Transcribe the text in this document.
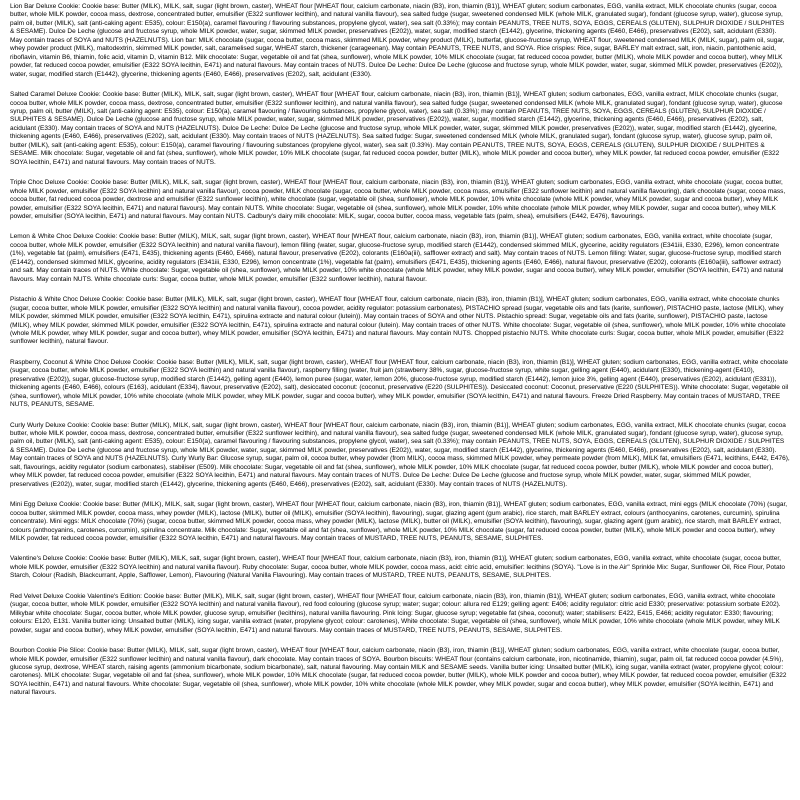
Lion Bar Deluxe Cookie: Cookie base: Butter (MILK), MILK, salt, sugar (light brown, caster), WHEAT flour [WHEAT flour, calcium carbonate, niacin (B3), iron, thiamin (B1)], WHEAT gluten; sodium carbonates, EGG, vanilla extract, MILK chocolate chunks (sugar, cocoa butter, whole MILK powder, cocoa mass, dextrose, concentrated butter, emulsifier (E322 sunflower lecithin), and natural vanilla flavour), sea salted fudge (sugar, sweetened condensed MILK (whole MILK, granulated sugar), fondant (glucose syrup, water), glucose syrup, palm oil, butter (MILK), salt (anti-caking agent: E535), colour: E150(a), caramel flavouring / flavouring substances, propylene glycol, water), sea salt (0.33%); may contain PEANUTS, TREE NUTS, SOYA, EGGS, CEREALS (GLUTEN), SULPHUR DIOXIDE / SULPHITES & SESAME). Dulce De Leche (glucose and fructose syrup, whole MILK powder, water, sugar, skimmed MILK powder, preservatives (E202)), water, sugar, modified starch (E1442), glycerine, thickening agents (E460, E466), preservatives (E202), salt, acidulant (E330). May contain traces of SOYA and NUTS (HAZELNUTS). Lion bar: MILK chocolate (sugar, cocoa butter, cocoa mass, skimmed MILK powder, whey product (MILK), butterfat, glucose-fructose syrup, WHEAT flour, sweetened condensed MILK (MILK, sugar), palm oil, sugar, whey powder product (MILK), maltodextrin, skimmed MILK powder, salt, caramelised sugar, WHEAT starch, thickener (carageenan). May contain PEANUTS, TREE NUTS, and SOYA. Rice crispies: Rice, sugar, BARLEY malt extract, salt, iron, niacin, pantothenic acid, riboflavin, vitamin B6, thiamin, folic acid, vitamin D, vitamin B12. Milk chocolate: Sugar, vegetable oil and fat (shea, sunflower), whole MILK powder, 10% MILK chocolate (sugar, fat reduced cocoa powder, butter (MILK), whole MILK powder and cocoa butter), whey MILK powder, fat reduced cocoa powder, emulsifier (E322 SOYA lecithin, E471) and natural flavours. May contain traces of NUTS. Dulce De Leche: Dulce De Leche (glucose and fructose syrup, whole MILK powder, water, sugar, skimmed MILK powder, preservatives (E202)), water, sugar, modified starch (E1442), glycerine, thickening agents (E460, E466), preservatives (E202), salt, acidulant (E330).

Salted Caramel Deluxe Cookie: Cookie base: Butter (MILK), MILK, salt, sugar (light brown, caster), WHEAT flour [WHEAT flour, calcium carbonate, niacin (B3), iron, thiamin (B1)], WHEAT gluten; sodium carbonates, EGG, vanilla extract, MILK chocolate chunks (sugar, cocoa butter, whole MILK powder, cocoa mass, dextrose, concentrated butter, emulsifier (E322 sunflower lecithin), and natural vanilla flavour), sea salted fudge (sugar, sweetened condensed MILK (whole MILK, granulated sugar), fondant (glucose syrup, water), glucose syrup, palm oil, butter (MILK), salt (anti-caking agent: E535), colour: E150(a), caramel flavouring / flavouring substances, propylene glycol, water), sea salt (0.33%); may contain PEANUTS, TREE NUTS, SOYA, EGGS, CEREALS (GLUTEN), SULPHUR DIOXIDE / SULPHITES & SESAME). Dulce De Leche (glucose and fructose syrup, whole MILK powder, water, sugar, skimmed MILK powder, preservatives (E202)), water, sugar, modified starch (E1442), glycerine, thickening agents (E460, E466), preservatives (E202), salt, acidulant (E330). May contain traces of SOYA and NUTS (HAZELNUTS). Dulce De Leche: Dulce De Leche (glucose and fructose syrup, whole MILK powder, water, sugar, skimmed MILK powder, preservatives (E202)), water, sugar, modified starch (E1442), glycerine, thickening agents (E460, E466), preservatives (E202), salt, acidulant (E330). May contain traces of NUTS (HAZELNUTS). Sea salted fudge: Sugar, sweetened condensed MILK (whole MILK, granulated sugar), fondant (glucose syrup, water), glucose syrup, palm oil, butter (MILK), salt (anti-caking agent: E535), colour: E150(a), caramel flavouring / flavouring substances (propylene glycol, water), sea salt (0.33%). May contain PEANUTS, TREE NUTS, SOYA, EGGS, CEREALS (GLUTEN), SULPHUR DIOXIDE / SULPHITES & SESAME. Milk chocolate: Sugar, vegetable oil and fat (shea, sunflower), whole MILK powder, 10% MILK chocolate (sugar, fat reduced cocoa powder, butter (MILK), whole MILK powder and cocoa butter), whey MILK powder, fat reduced cocoa powder, emulsifier (E322 SOYA lecithin, E471) and natural flavours. May contain traces of NUTS.

Triple Choc Deluxe Cookie: Cookie base: Butter (MILK), MILK, salt, sugar (light brown, caster), WHEAT flour [WHEAT flour, calcium carbonate, niacin (B3), iron, thiamin (B1)], WHEAT gluten; sodium carbonates, EGG, vanilla extract, white chocolate (sugar, cocoa butter, whole MILK powder, emulsifier (E322 SOYA lecithin) and natural vanilla flavour), cocoa powder, MILK chocolate (sugar, cocoa butter, whole MILK powder, cocoa mass, emulsifier (E322 sunflower lecithin) and natural vanilla flavouring), dark chocolate (sugar, cocoa mass, cocoa butter, fat reduced cocoa powder, dextrose and emulsifier (E322 sunflower lecithin), white chocolate (sugar, vegetable oil (shea, sunflower), whole MILK powder, 10% white chocolate (whole MILK powder, whey MILK powder, sugar and cocoa butter), whey MILK powder, emulsifier (E322 SOYA lecithin, E471) and natural flavours). May contain NUTS. White chocolate: Sugar, vegetable oil (shea, sunflower), whole MILK powder, 10% white chocolate (whole MILK powder, whey MILK powder, sugar and cocoa butter), whey MILK powder, emulsifier (SOYA lecithin, E471) and natural flavours. May contain NUTS. Cadbury's dairy milk chocolate: MILK, sugar, cocoa butter, cocoa mass, vegetable fats (palm, shea), emulsifiers (E442, E476), flavourings.

Lemon & White Choc Deluxe Cookie: Cookie base: Butter (MILK), MILK, salt, sugar (light brown, caster), WHEAT flour [WHEAT flour, calcium carbonate, niacin (B3), iron, thiamin (B1)], WHEAT gluten; sodium carbonates, EGG, vanilla extract, white chocolate (sugar, cocoa butter, whole MILK powder, emulsifier (E322 SOYA lecithin) and natural vanilla flavour), lemon filling (water, sugar, glucose-fructose syrup, modified starch (E1442), condensed skimmed MILK, glycerine, acidity regulators (E341iii, E330, E296), lemon concentrate (1%), vegetable fat (palm), emulsifiers (E471, E435), thickening agents (E460, E466), natural flavour, preservative (E202), colorants (E160a(iii), safflower extract) and salt). May contain traces of NUTS. Lemon filling: Water, sugar, glucose-fructose syrup, modified starch (E1442), condensed skimmed MILK, glycerine, acidity regulators (E341iii, E330, E296), lemon concentrate (1%), vegetable fat (palm), emulsifiers (E471, E435), thickening agents (E460, E466), natural flavour, preservative (E202), colorants (E160a(iii), safflower extract) and salt. May contain traces of NUTS. White chocolate: Sugar, vegetable oil (shea, sunflower), whole MILK powder, 10% white chocolate (whole MILK powder, whey MILK powder, sugar and cocoa butter), whey MILK powder, emulsifier (SOYA lecithin, E471) and natural flavours. May contain NUTS. White chocolate curls: Sugar, cocoa butter, whole MILK powder, emulsifier (E322 sunflower lecithin), natural flavour.

Pistachio & White Choc Deluxe Cookie: Cookie base: Butter (MILK), MILK, salt, sugar (light brown, caster), WHEAT flour [WHEAT flour, calcium carbonate, niacin (B3), iron, thiamin (B1)], WHEAT gluten; sodium carbonates, EGG, vanilla extract, white chocolate chunks (sugar, cocoa butter, whole MILK powder, emulsifier (E322 SOYA lecithin) and natural vanilla flavour), cocoa powder, acidity regulator: potassium carbonates), PISTACHIO spread (sugar, vegetable oils and fats (karite, sunflower), PISTACHIO paste, lactose (MILK), whey MILK powder, skimmed MILK powder, emulsifier (E322 SOYA lecithin, E471), spirulina extracte and natural colour (lutein)). May contain traces of SOYA and other NUTS. Pistachio spread: Sugar, vegetable oils and fats (karite, sunflower), PISTACHIO paste, lactose (MILK), whey MILK powder, skimmed MILK powder, emulsifier (E322 SOYA lecithin, E471), spirulina extracte and natural colour (lutein). May contain traces of other NUTS. White chocolate: Sugar, vegetable oil (shea, sunflower), whole MILK powder, 10% white chocolate (whole MILK powder, whey MILK powder, sugar and cocoa butter), whey MILK powder, emulsifier (SOYA lecithin, E471) and natural flavours. May contain NUTS. Chopped pistachio NUTS. White chocolate curls: Sugar, cocoa butter, whole MILK powder, emulsifier (E322 sunflower lecithin), natural flavour.

Raspberry, Coconut & White Choc Deluxe Cookie: Cookie base: Butter (MILK), MILK, salt, sugar (light brown, caster), WHEAT flour [WHEAT flour, calcium carbonate, niacin (B3), iron, thiamin (B1)], WHEAT gluten; sodium carbonates, EGG, vanilla extract, white chocolate (sugar, cocoa butter, whole MILK powder, emulsifier (E322 SOYA lecithin) and natural vanilla flavour), raspberry filling (water, fruit jam (strawberry 38%, sugar, glucose-fructose syrup, white sugar, gelling agent (E440), acidulant (E330), thickening-agent (E410), preservative (E202)), sugar, glucose-fructose syrup, modified starch (E1442), gelling agent (E440), lemon puree (sugar, water, lemon 20%, glucose-fructose syrup, modified starch (E1442), lemon juice 3%, gelling agent (E440), preservatives (E202), acidulant (E331)), thickening agents (E460, E466), colours (E163), acidulant (E334), flavour, preservative (E202), salt), desiccated coconut: (coconut, preservative (E220 (SULPHITES)). Desiccated coconut: Coconut, preservative (E220 (SULPHITES)). White chocolate: Sugar, vegetable oil (shea, sunflower), whole MILK powder, 10% white chocolate (whole MILK powder, whey MILK powder, sugar and cocoa butter), whey MILK powder, emulsifier (SOYA lecithin, E471) and natural flavours. Freeze Dried Raspberry. May contain traces of MUSTARD, TREE NUTS, PEANUTS, SESAME.

Curly Wurly Deluxe Cookie: Cookie base: Butter (MILK), MILK, salt, sugar (light brown, caster), WHEAT flour [WHEAT flour, calcium carbonate, niacin (B3), iron, thiamin (B1)], WHEAT gluten; sodium carbonates, EGG, vanilla extract, MILK chocolate chunks (sugar, cocoa butter, whole MILK powder, cocoa mass, dextrose, concentrated butter, emulsifier (E322 sunflower lecithin), and natural vanilla flavour), sea salted fudge (sugar, sweetened condensed MILK (whole MILK, granulated sugar), fondant (glucose syrup, water), glucose syrup, palm oil, butter (MILK), salt (anti-caking agent: E535), colour: E150(a), caramel flavouring / flavouring substances, propylene glycol, water), sea salt (0.33%); may contain PEANUTS, TREE NUTS, SOYA, EGGS, CEREALS (GLUTEN), SULPHUR DIOXIDE / SULPHITES & SESAME). Dulce De Leche (glucose and fructose syrup, whole MILK powder, water, sugar, skimmed MILK powder, preservatives (E202)), water, sugar, modified starch (E1442), glycerine, thickening agents (E460, E466), preservatives (E202), salt, acidulant (E330). May contain traces of SOYA and NUTS (HAZELNUTS). Curly Wurly Bar: Glucose syrup, sugar, palm oil, cocoa butter, whey powder (from MILK), cocoa mass, skimmed MILK powder, whey permeate powder (from MILK), MILK fat, emulsifiers (E471, lecithins, E442, E476), salt, flavourings, acidity regulator (sodium carbonates), stabiliser (E509). Milk chocolate: Sugar, vegetable oil and fat (shea, sunflower), whole MILK powder, 10% MILK chocolate (sugar, fat reduced cocoa powder, butter (MILK), whole MILK powder and cocoa butter), whey MILK powder, fat reduced cocoa powder, emulsifier (E322 SOYA lecithin, E471) and natural flavours. May contain traces of NUTS. Dulce De Leche: Dulce De Leche (glucose and fructose syrup, whole MILK powder, water, sugar, skimmed MILK powder, preservatives (E202)), water, sugar, modified starch (E1442), glycerine, thickening agents (E460, E466), preservatives (E202), salt, acidulant (E330). May contain traces of NUTS (HAZELNUTS).

Mini Egg Deluxe Cookie: Cookie base: Butter (MILK), MILK, salt, sugar (light brown, caster), WHEAT flour [WHEAT flour, calcium carbonate, niacin (B3), iron, thiamin (B1)], WHEAT gluten; sodium carbonates, EGG, vanilla extract, mini eggs (MILK chocolate (70%) (sugar, cocoa butter, skimmed MILK powder, cocoa mass, whey powder (MILK), lactose (MILK), butter oil (MILK), emulsifier (SOYA lecithin), flavouring), sugar, glazing agent (gum arabic), rice starch, malt BARLEY extract, colours (anthocyanins, carotenes, curcumin), spirulina concentrate). Mini eggs: MILK chocolate (70%) (sugar, cocoa butter, skimmed MILK powder, cocoa mass, whey powder (MILK), lactose (MILK), butter oil (MILK), emulsifier (SOYA lecithin), flavouring), sugar, glazing agent (gum arabic), rice starch, malt BARLEY extract, colours (anthocyanins, carotenes, curcumin), spirulina concentrate. Milk chocolate: Sugar, vegetable oil and fat (shea, sunflower), whole MILK powder, 10% MILK chocolate (sugar, fat reduced cocoa powder, butter (MILK), whole MILK powder and cocoa butter), whey MILK powder, fat reduced cocoa powder, emulsifier (E322 SOYA lecithin, E471) and natural flavours. May contain traces of MUSTARD, TREE NUTS, PEANUTS, SESAME, SULPHITES.

Valentine's Deluxe Cookie: Cookie base: Butter (MILK), MILK, salt, sugar (light brown, caster), WHEAT flour [WHEAT flour, calcium carbonate, niacin (B3), iron, thiamin (B1)], WHEAT gluten; sodium carbonates, EGG, vanilla extract, white chocolate (sugar, cocoa butter, whole MILK powder, emulsifier (E322 SOYA lecithin) and natural vanilla flavour). Ruby chocolate: Sugar, cocoa butter, whole MILK powder, cocoa mass, acid: citric acid, emulsifier: lecithins (SOYA). "Love is in the Air" Sprinkle Mix: Sugar, Sunflower Oil, Rice Flour, Potato Starch, Colour (Radish, Blackcurrant, Apple, Safflower, Lemon), Flavouring (Natural Vanilla Flavouring). May contain traces of MUSTARD, TREE NUTS, PEANUTS, SESAME, SULPHITES.

Red Velvet Deluxe Cookie Valentine's Edition: Cookie base: Butter (MILK), MILK, salt, sugar (light brown, caster), WHEAT flour [WHEAT flour, calcium carbonate, niacin (B3), iron, thiamin (B1)], WHEAT gluten; sodium carbonates, EGG, vanilla extract, white chocolate (sugar, cocoa butter, whole MILK powder, emulsifier (E322 SOYA lecithin) and natural vanilla flavour), red food colouring (glucose syrup; water; sugar; colour: allura red E129; gelling agent: E406; acidity regulator: citric acid E330; preservative: potassium sorbate E202). Milkybar white chocolate: Sugar, cocoa butter, whole MILK powder, glucose syrup, emulsifier (lecithins), natural vanilla flavouring. Pink Icing: Sugar, glucose syrup; vegetable fat (shea, coconut); water; stabilisers: E422, E415, E466; acidity regulator: E330; flavouring; colours: E120, E131. Vanilla butter icing: Unsalted butter (MILK), icing sugar, vanilla extract (water, propylene glycol; colour: carotenes), White chocolate: Sugar, vegetable oil (shea, sunflower), whole MILK powder, 10% white chocolate (whole MILK powder, whey MILK powder, sugar and cocoa butter), whey MILK powder, emulsifier (SOYA lecithin, E471) and natural flavours. May contain traces of MUSTARD, TREE NUTS, PEANUTS, SESAME, SULPHITES.

Bourbon Cookie Pie Slice: Cookie base: Butter (MILK), MILK, salt, sugar (light brown, caster), WHEAT flour [WHEAT flour, calcium carbonate, niacin (B3), iron, thiamin (B1)], WHEAT gluten; sodium carbonates, EGG, vanilla extract, white chocolate (sugar, cocoa butter, whole MILK powder, emulsifier (E322 sunflower lecithin) and natural vanilla flavour), dark chocolate. May contain traces of SOYA. Bourbon biscuits: WHEAT flour (contains calcium carbonate, iron, nicotinamide, thiamin), sugar, palm oil, fat reduced cocoa powder (4.5%), glucose syrup, dextrose, WHEAT starch, raising agents (ammonium bicarbonate, sodium bicarbonate), salt, natural flavouring. May contain MILK and SESAME seeds. Vanilla butter icing: Unsalted butter (MILK), icing sugar, vanilla extract (water, propylene glycol; colour: carotenes). MILK chocolate: Sugar, vegetable oil and fat (shea, sunflower), whole MILK powder, 10% MILK chocolate (sugar, fat reduced cocoa powder, butter (MILK), whole MILK powder and cocoa butter), whey MILK powder, fat reduced cocoa powder, emulsifier (E322 SOYA lecithin, E471) and natural flavours. White chocolate: Sugar, vegetable oil (shea, sunflower), whole MILK powder, 10% white chocolate (whole MILK powder, whey MILK powder, sugar and cocoa butter), whey MILK powder, emulsifier (SOYA lecithin, E471) and natural flavours.
